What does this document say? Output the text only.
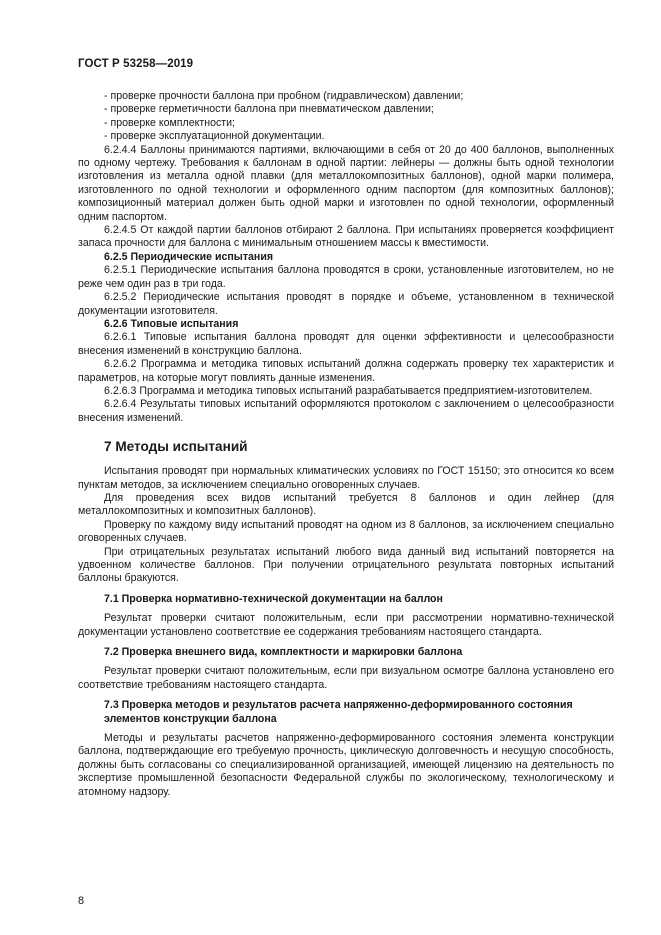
ГОСТ Р 53258—2019

- проверке прочности баллона при пробном (гидравлическом) давлении;

- проверке герметичности баллона при пневматическом давлении;

- проверке комплектности;

- проверке эксплуатационной документации.

6.2.4.4 Баллоны принимаются партиями, включающими в себя от 20 до 400 баллонов, выполненных по одному чертежу. Требования к баллонам в одной партии: лейнеры — должны быть одной технологии изготовления из металла одной плавки (для металлокомпозитных баллонов), одной марки полимера, изготовленного по одной технологии и оформленного одним паспортом (для композитных баллонов); композиционный материал должен быть одной марки и изготовлен по одной технологии, оформленный одним паспортом.

6.2.4.5 От каждой партии баллонов отбирают 2 баллона. При испытаниях проверяется коэффициент запаса прочности для баллона с минимальным отношением массы к вместимости.

6.2.5 Периодические испытания

6.2.5.1 Периодические испытания баллона проводятся в сроки, установленные изготовителем, но не реже чем один раз в три года.

6.2.5.2 Периодические испытания проводят в порядке и объеме, установленном в технической документации изготовителя.

6.2.6 Типовые испытания

6.2.6.1 Типовые испытания баллона проводят для оценки эффективности и целесообразности внесения изменений в конструкцию баллона.

6.2.6.2 Программа и методика типовых испытаний должна содержать проверку тех характеристик и параметров, на которые могут повлиять данные изменения.

6.2.6.3 Программа и методика типовых испытаний разрабатывается предприятием-изготовителем.

6.2.6.4 Результаты типовых испытаний оформляются протоколом с заключением о целесообразности внесения изменений.

7 Методы испытаний

Испытания проводят при нормальных климатических условиях по ГОСТ 15150; это относится ко всем пунктам методов, за исключением специально оговоренных случаев.

Для проведения всех видов испытаний требуется 8 баллонов и один лейнер (для металлокомпозитных и композитных баллонов).

Проверку по каждому виду испытаний проводят на одном из 8 баллонов, за исключением специально оговоренных случаев.

При отрицательных результатах испытаний любого вида данный вид испытаний повторяется на удвоенном количестве баллонов. При получении отрицательного результата повторных испытаний баллоны бракуются.

7.1 Проверка нормативно-технической документации на баллон

Результат проверки считают положительным, если при рассмотрении нормативно-технической документации установлено соответствие ее содержания требованиям настоящего стандарта.

7.2 Проверка внешнего вида, комплектности и маркировки баллона

Результат проверки считают положительным, если при визуальном осмотре баллона установлено его соответствие требованиям настоящего стандарта.

7.3 Проверка методов и результатов расчета напряженно-деформированного состояния элементов конструкции баллона

Методы и результаты расчетов напряженно-деформированного состояния элемента конструкции баллона, подтверждающие его требуемую прочность, циклическую долговечность и несущую способность, должны быть согласованы со специализированной организацией, имеющей лицензию на деятельность по экспертизе промышленной безопасности Федеральной службы по экологическому, технологическому и атомному надзору.

8
